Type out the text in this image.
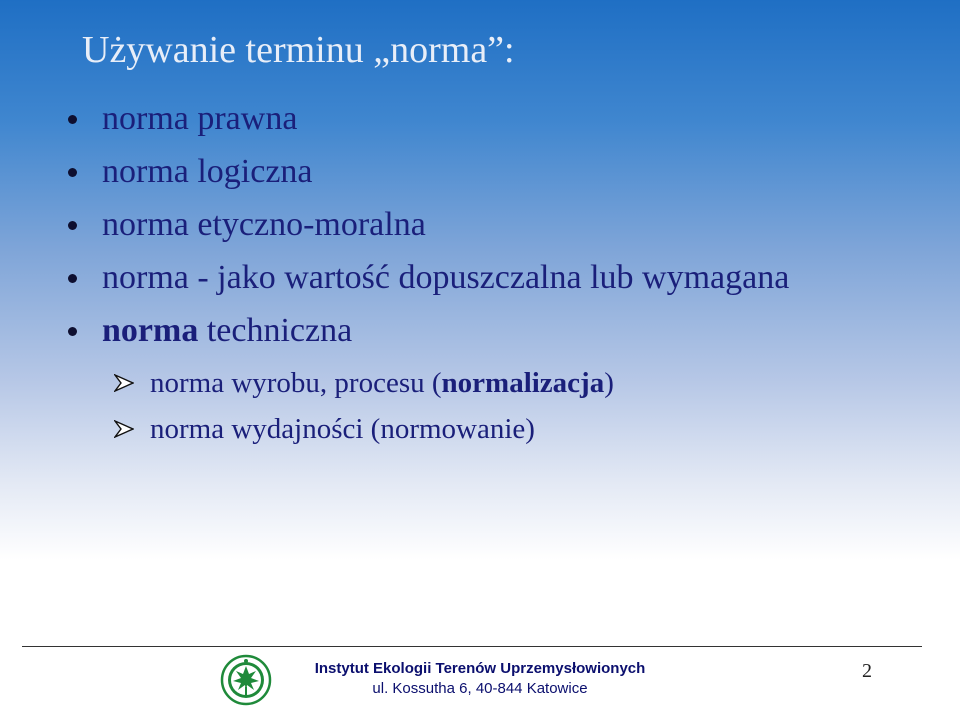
Używanie terminu „norma”:
norma prawna
norma logiczna
norma etyczno-moralna
norma - jako wartość dopuszczalna lub wymagana
norma techniczna
norma wyrobu, procesu (normalizacja)
norma wydajności (normowanie)
Instytut Ekologii Terenów Uprzemysłowionych
ul. Kossutha 6, 40-844 Katowice
2
